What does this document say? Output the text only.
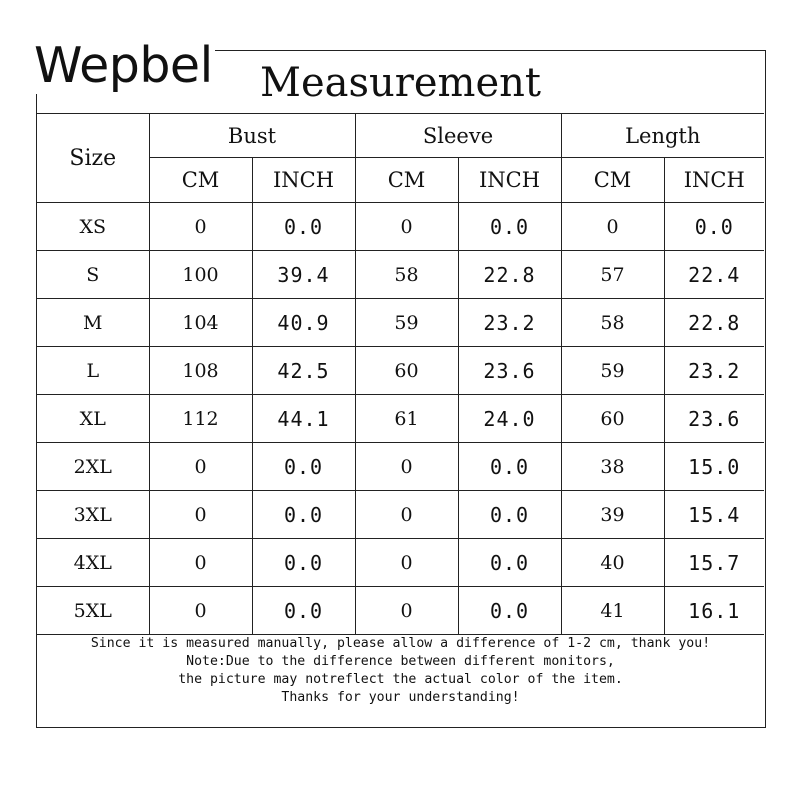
Wepbel	Measurement
Size	Bust		Sleeve		Length	
	CM	INCH	CM	INCH	CM	INCH
XS	0	0.0	0	0.0	0	0.0
S	100	39.4	58	22.8	57	22.4
M	104	40.9	59	23.2	58	22.8
L	108	42.5	60	23.6	59	23.2
XL	112	44.1	61	24.0	60	23.6
2XL	0	0.0	0	0.0	38	15.0
3XL	0	0.0	0	0.0	39	15.4
4XL	0	0.0	0	0.0	40	15.7
5XL	0	0.0	0	0.0	41	16.1
Since it is measured manually, please allow a difference of 1-2 cm, thank you!
Note:Due to the difference between different monitors,
the picture may notreflect the actual color of the item.
Thanks for your understanding!
